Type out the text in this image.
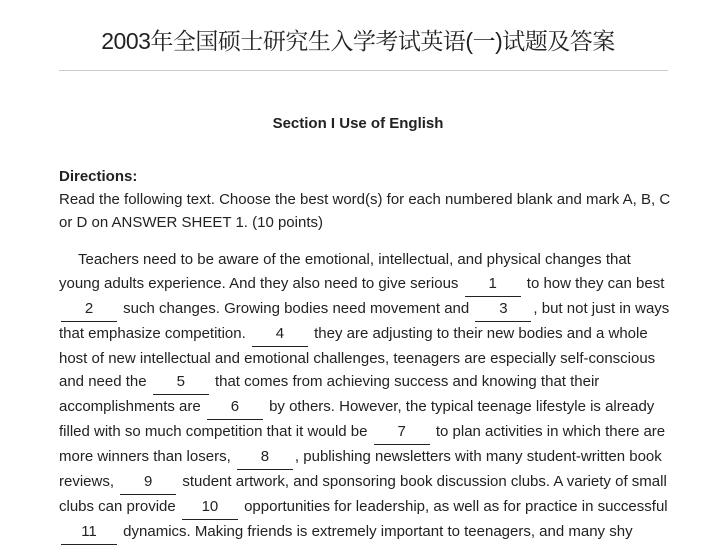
2003年全国硕士研究生入学考试英语(一)试题及答案
Section I Use of English
Directions:

Read the following text. Choose the best word(s) for each numbered blank and mark A, B, C or D on ANSWER SHEET 1. (10 points)

Teachers need to be aware of the emotional, intellectual, and physical changes that young adults experience. And they also need to give serious 1 to how they can best 2 such changes. Growing bodies need movement and 3 , but not just in ways that emphasize competition. 4 they are adjusting to their new bodies and a whole host of new intellectual and emotional challenges, teenagers are especially self-conscious and need the 5 that comes from achieving success and knowing that their accomplishments are 6 by others. However, the typical teenage lifestyle is already filled with so much competition that it would be 7 to plan activities in which there are more winners than losers, 8 , publishing newsletters with many student-written book reviews, 9 student artwork, and sponsoring book discussion clubs. A variety of small clubs can provide 10 opportunities for leadership, as well as for practice in successful 11 dynamics. Making friends is extremely important to teenagers, and many shy
